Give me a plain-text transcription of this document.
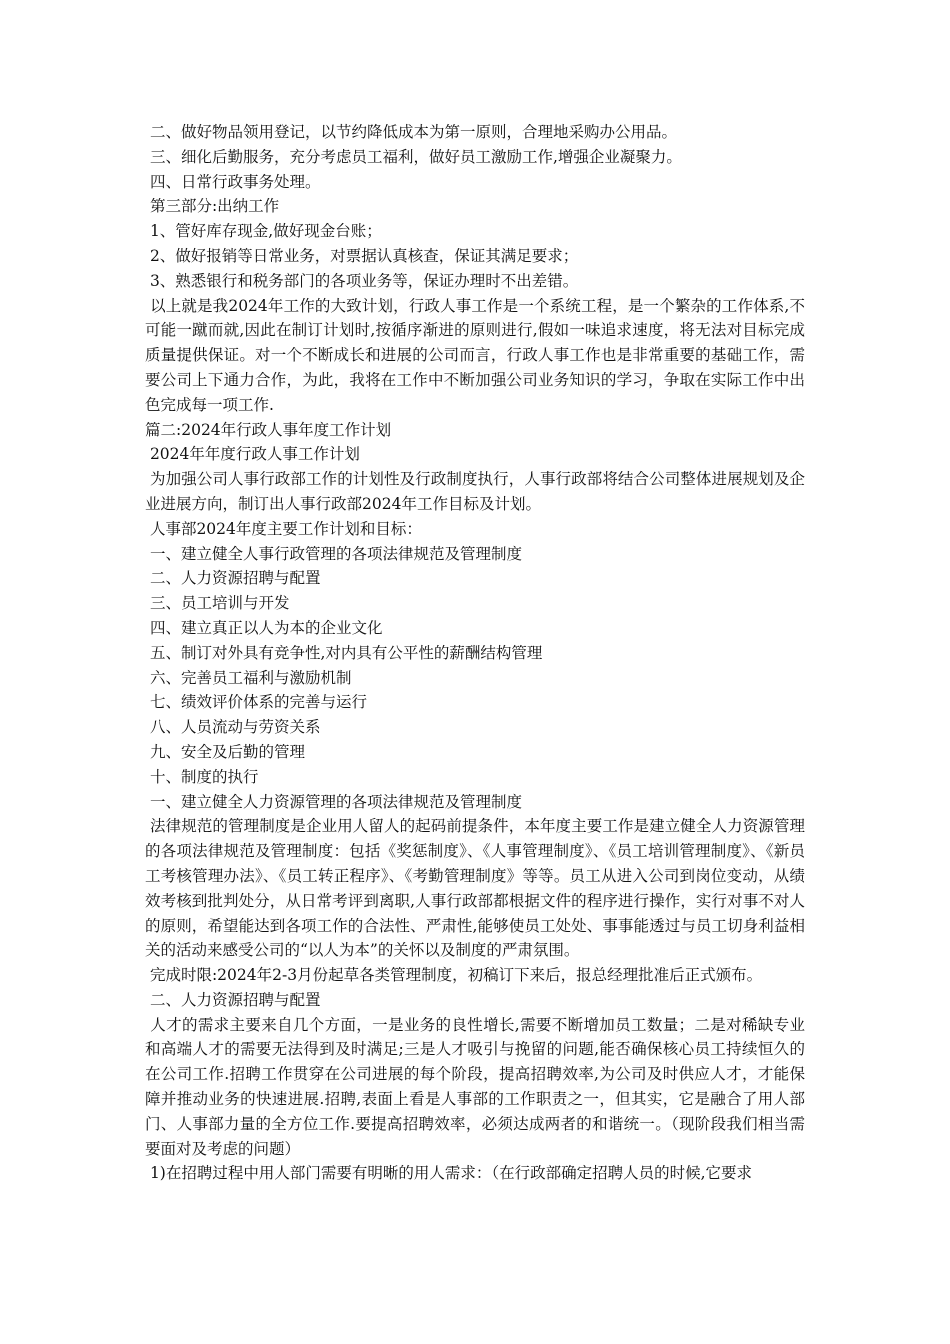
二、做好物品领用登记，以节约降低成本为第一原则，合理地采购办公用品。

三、细化后勤服务，充分考虑员工福利，做好员工激励工作,增强企业凝聚力。

四、日常行政事务处理。

第三部分:出纳工作

1、管好库存现金,做好现金台账；

2、做好报销等日常业务，对票据认真核查，保证其满足要求；

3、熟悉银行和税务部门的各项业务等，保证办理时不出差错。

以上就是我2024年工作的大致计划，行政人事工作是一个系统工程，是一个繁杂的工作体系,不可能一蹴而就,因此在制订计划时,按循序渐进的原则进行,假如一味追求速度，将无法对目标完成质量提供保证。对一个不断成长和进展的公司而言，行政人事工作也是非常重要的基础工作，需要公司上下通力合作，为此，我将在工作中不断加强公司业务知识的学习，争取在实际工作中出色完成每一项工作.

篇二:2024年行政人事年度工作计划

2024年年度行政人事工作计划

为加强公司人事行政部工作的计划性及行政制度执行，人事行政部将结合公司整体进展规划及企业进展方向，制订出人事行政部2024年工作目标及计划。

人事部2024年度主要工作计划和目标：

一、建立健全人事行政管理的各项法律规范及管理制度

二、人力资源招聘与配置

三、员工培训与开发

四、建立真正以人为本的企业文化

五、制订对外具有竞争性,对内具有公平性的薪酬结构管理

六、完善员工福利与激励机制

七、绩效评价体系的完善与运行

八、人员流动与劳资关系

九、安全及后勤的管理

十、制度的执行

一、建立健全人力资源管理的各项法律规范及管理制度

法律规范的管理制度是企业用人留人的起码前提条件，本年度主要工作是建立健全人力资源管理的各项法律规范及管理制度：包括《奖惩制度》、《人事管理制度》、《员工培训管理制度》、《新员工考核管理办法》、《员工转正程序》、《考勤管理制度》等等。员工从进入公司到岗位变动，从绩效考核到批判处分，从日常考评到离职,人事行政部都根据文件的程序进行操作，实行对事不对人的原则，希望能达到各项工作的合法性、严肃性,能够使员工处处、事事能透过与员工切身利益相关的活动来感受公司的“以人为本”的关怀以及制度的严肃氛围。

完成时限:2024年2-3月份起草各类管理制度，初稿订下来后，报总经理批准后正式颁布。

二、人力资源招聘与配置

人才的需求主要来自几个方面，一是业务的良性增长,需要不断增加员工数量；二是对稀缺专业和高端人才的需要无法得到及时满足;三是人才吸引与挽留的问题,能否确保核心员工持续恒久的在公司工作.招聘工作贯穿在公司进展的每个阶段，提高招聘效率,为公司及时供应人才，才能保障并推动业务的快速进展.招聘,表面上看是人事部的工作职责之一，但其实，它是融合了用人部门、人事部力量的全方位工作.要提高招聘效率，必须达成两者的和谐统一。（现阶段我们相当需要面对及考虑的问题）

1)在招聘过程中用人部门需要有明晰的用人需求：（在行政部确定招聘人员的时候,它要求
